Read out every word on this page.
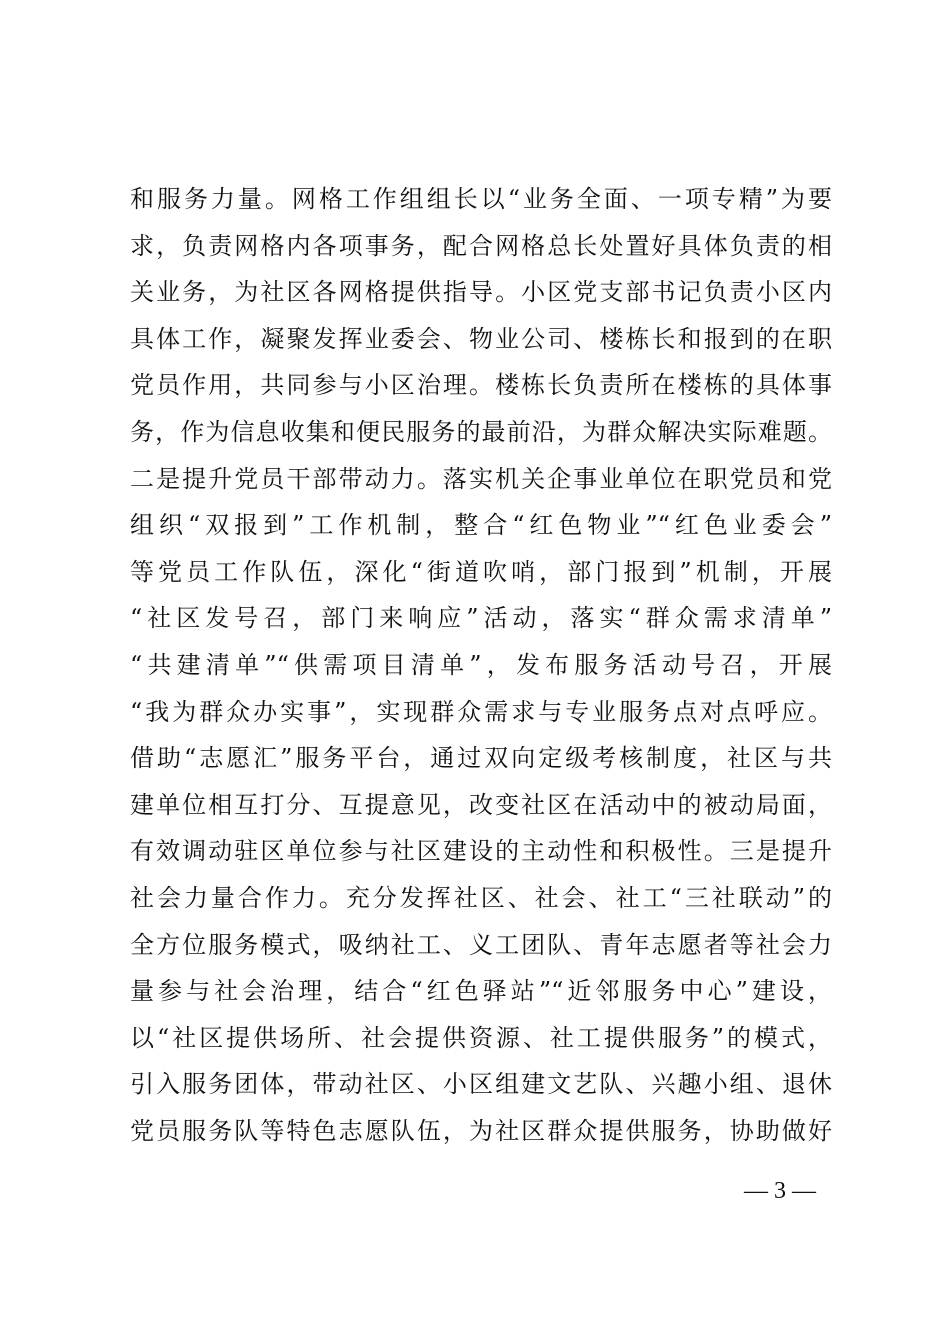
和服务力量。网格工作组组长以“业务全面、一项专精”为要
求，负责网格内各项事务，配合网格总长处置好具体负责的相
关业务，为社区各网格提供指导。小区党支部书记负责小区内
具体工作，凝聚发挥业委会、物业公司、楼栋长和报到的在职
党员作用，共同参与小区治理。楼栋长负责所在楼栋的具体事
务，作为信息收集和便民服务的最前沿，为群众解决实际难题。
二是提升党员干部带动力。落实机关企事业单位在职党员和党
组织“双报到”工作机制，整合“红色物业”“红色业委会”
等党员工作队伍，深化“街道吹哨，部门报到”机制，开展
“社区发号召，部门来响应”活动，落实“群众需求清单”
“共建清单”“供需项目清单”，发布服务活动号召，开展
“我为群众办实事”，实现群众需求与专业服务点对点呼应。
借助“志愿汇”服务平台，通过双向定级考核制度，社区与共
建单位相互打分、互提意见，改变社区在活动中的被动局面，
有效调动驻区单位参与社区建设的主动性和积极性。三是提升
社会力量合作力。充分发挥社区、社会、社工“三社联动”的
全方位服务模式，吸纳社工、义工团队、青年志愿者等社会力
量参与社会治理，结合“红色驿站”“近邻服务中心”建设，
以“社区提供场所、社会提供资源、社工提供服务”的模式，
引入服务团体，带动社区、小区组建文艺队、兴趣小组、退休
党员服务队等特色志愿队伍，为社区群众提供服务，协助做好
— 3 —
